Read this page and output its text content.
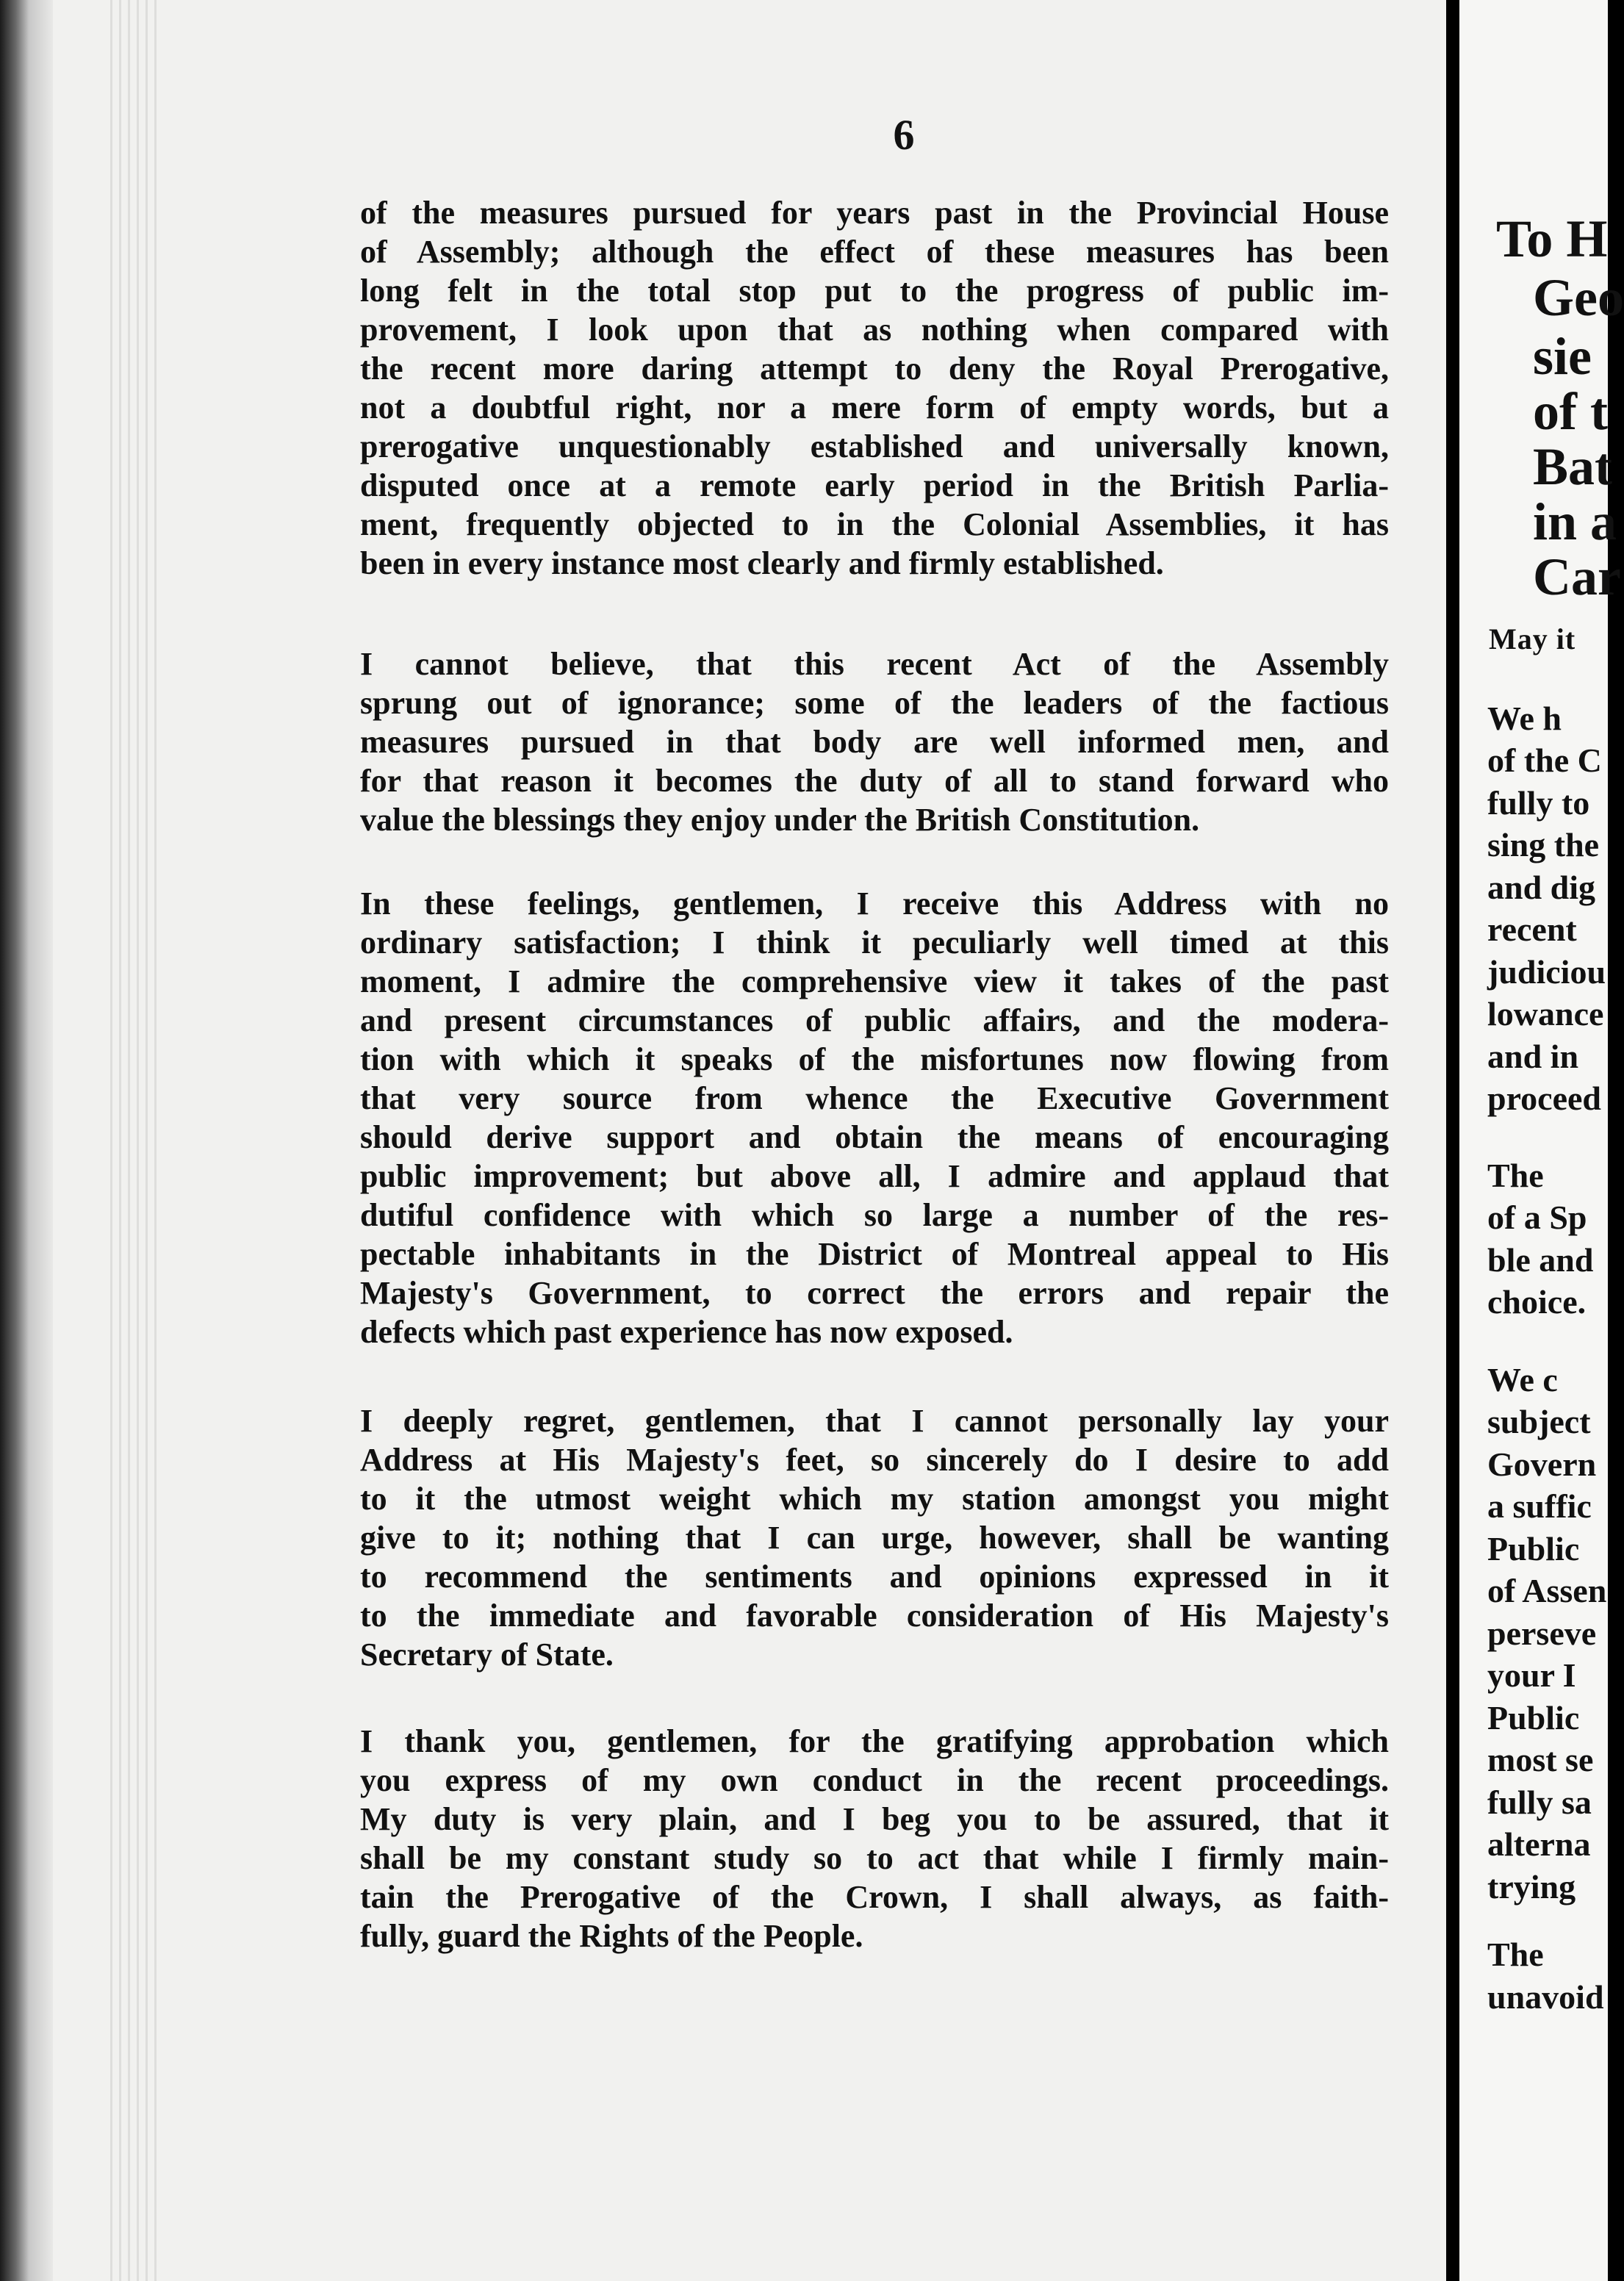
6
of the measures pursued for years past in the Provincial House
of Assembly; although the effect of these measures has been
long felt in the total stop put to the progress of public im-
provement, I look upon that as nothing when compared with
the recent more daring attempt to deny the Royal Prerogative,
not a doubtful right, nor a mere form of empty words, but a
prerogative unquestionably established and universally known,
disputed once at a remote early period in the British Parlia-
ment, frequently objected to in the Colonial Assemblies, it has
been in every instance most clearly and firmly established.
I cannot believe, that this recent Act of the Assembly
sprung out of ignorance; some of the leaders of the factious
measures pursued in that body are well informed men, and
for that reason it becomes the duty of all to stand forward who
value the blessings they enjoy under the British Constitution.
In these feelings, gentlemen, I receive this Address with no
ordinary satisfaction; I think it peculiarly well timed at this
moment, I admire the comprehensive view it takes of the past
and present circumstances of public affairs, and the modera-
tion with which it speaks of the misfortunes now flowing from
that very source from whence the Executive Government
should derive support and obtain the means of encouraging
public improvement; but above all, I admire and applaud that
dutiful confidence with which so large a number of the res-
pectable inhabitants in the District of Montreal appeal to His
Majesty's Government, to correct the errors and repair the
defects which past experience has now exposed.
I deeply regret, gentlemen, that I cannot personally lay your
Address at His Majesty's feet, so sincerely do I desire to add
to it the utmost weight which my station amongst you might
give to it; nothing that I can urge, however, shall be wanting
to recommend the sentiments and opinions expressed in it
to the immediate and favorable consideration of His Majesty's
Secretary of State.
I thank you, gentlemen, for the gratifying approbation which
you express of my own conduct in the recent proceedings.
My duty is very plain, and I beg you to be assured, that it
shall be my constant study so to act that while I firmly main-
tain the Prerogative of the Crown, I shall always, as faith-
fully, guard the Rights of the People.
To H
Geo
sie
of t
Bat
in a
Car
May it
We h
of the C
fully to
sing the
and dig
recent
judiciou
lowance
and in
proceed
The
of a Sp
ble and
choice.
We c
subject
Govern
a suffic
Public
of Assen
perseve
your I
Public
most se
fully sa
alterna
trying
The
unavoid
